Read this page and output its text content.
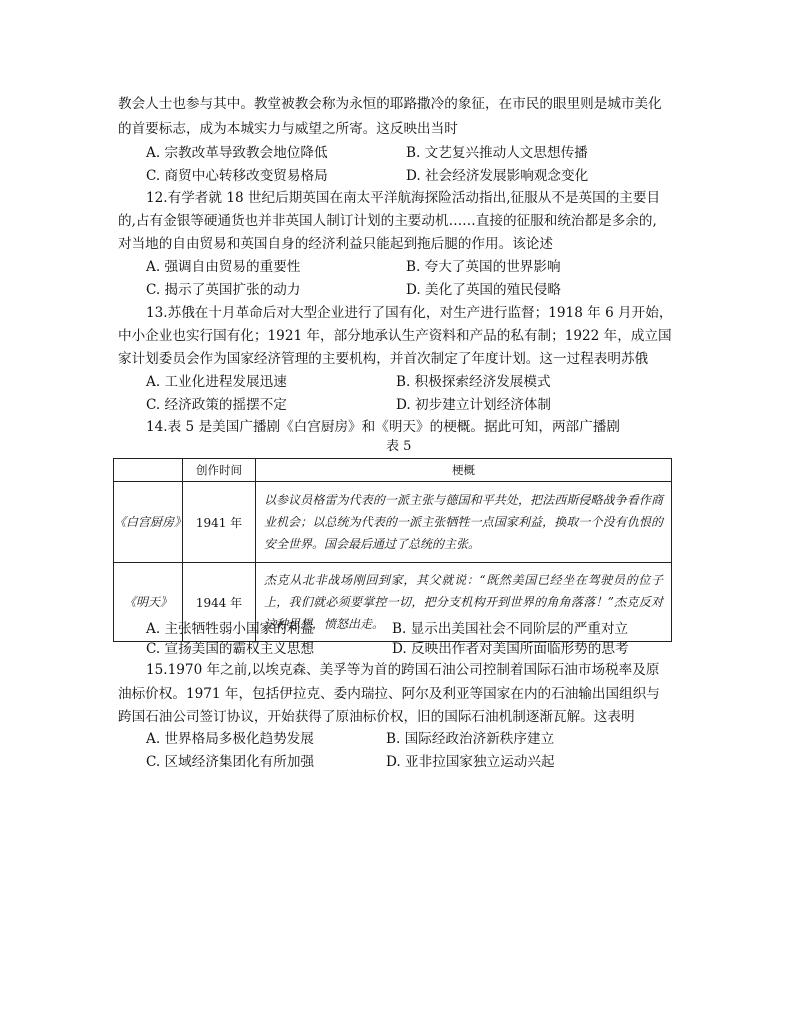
教会人士也参与其中。教堂被教会称为永恒的耶路撒冷的象征，在市民的眼里则是城市美化
的首要标志，成为本城实力与威望之所寄。这反映出当时
A. 宗教改革导致教会地位降低	B. 文艺复兴推动人文思想传播
C. 商贸中心转移改变贸易格局	D. 社会经济发展影响观念变化
12.有学者就 18 世纪后期英国在南太平洋航海探险活动指出,征服从不是英国的主要目
的,占有金银等硬通货也并非英国人制订计划的主要动机……直接的征服和统治都是多余的,
对当地的自由贸易和英国自身的经济利益只能起到拖后腿的作用。该论述
A. 强调自由贸易的重要性	B. 夸大了英国的世界影响
C. 揭示了英国扩张的动力	D. 美化了英国的殖民侵略
13.苏俄在十月革命后对大型企业进行了国有化，对生产进行监督；1918 年 6 月开始，
中小企业也实行国有化；1921 年，部分地承认生产资料和产品的私有制；1922 年，成立国
家计划委员会作为国家经济管理的主要机构，并首次制定了年度计划。这一过程表明苏俄
A. 工业化进程发展迅速	B. 积极探索经济发展模式
C. 经济政策的摇摆不定	D. 初步建立计划经济体制
14.表 5 是美国广播剧《白宫厨房》和《明天》的梗概。据此可知，两部广播剧
表 5
	创作时间	梗概
《白宫厨房》	1941 年	以参议员格雷为代表的一派主张与德国和平共处，把法西斯侵略战争看作商业机会；以总统为代表的一派主张牺牲一点国家利益，换取一个没有仇恨的安全世界。国会最后通过了总统的主张。
《明天》	1944 年	杰克从北非战场刚回到家，其父就说：“既然美国已经坐在驾驶员的位子上，我们就必须要掌控一切，把分支机构开到世界的角角落落！”杰克反对这种思想，愤怒出走。
A. 主张牺牲弱小国家的利益	B. 显示出美国社会不同阶层的严重对立
C. 宣扬美国的霸权主义思想	D. 反映出作者对美国所面临形势的思考
15.1970 年之前,以埃克森、美孚等为首的跨国石油公司控制着国际石油市场税率及原
油标价权。1971 年，包括伊拉克、委内瑞拉、阿尔及利亚等国家在内的石油输出国组织与
跨国石油公司签订协议，开始获得了原油标价权，旧的国际石油机制逐渐瓦解。这表明
A. 世界格局多极化趋势发展	B. 国际经政治济新秩序建立
C. 区域经济集团化有所加强	D. 亚非拉国家独立运动兴起
